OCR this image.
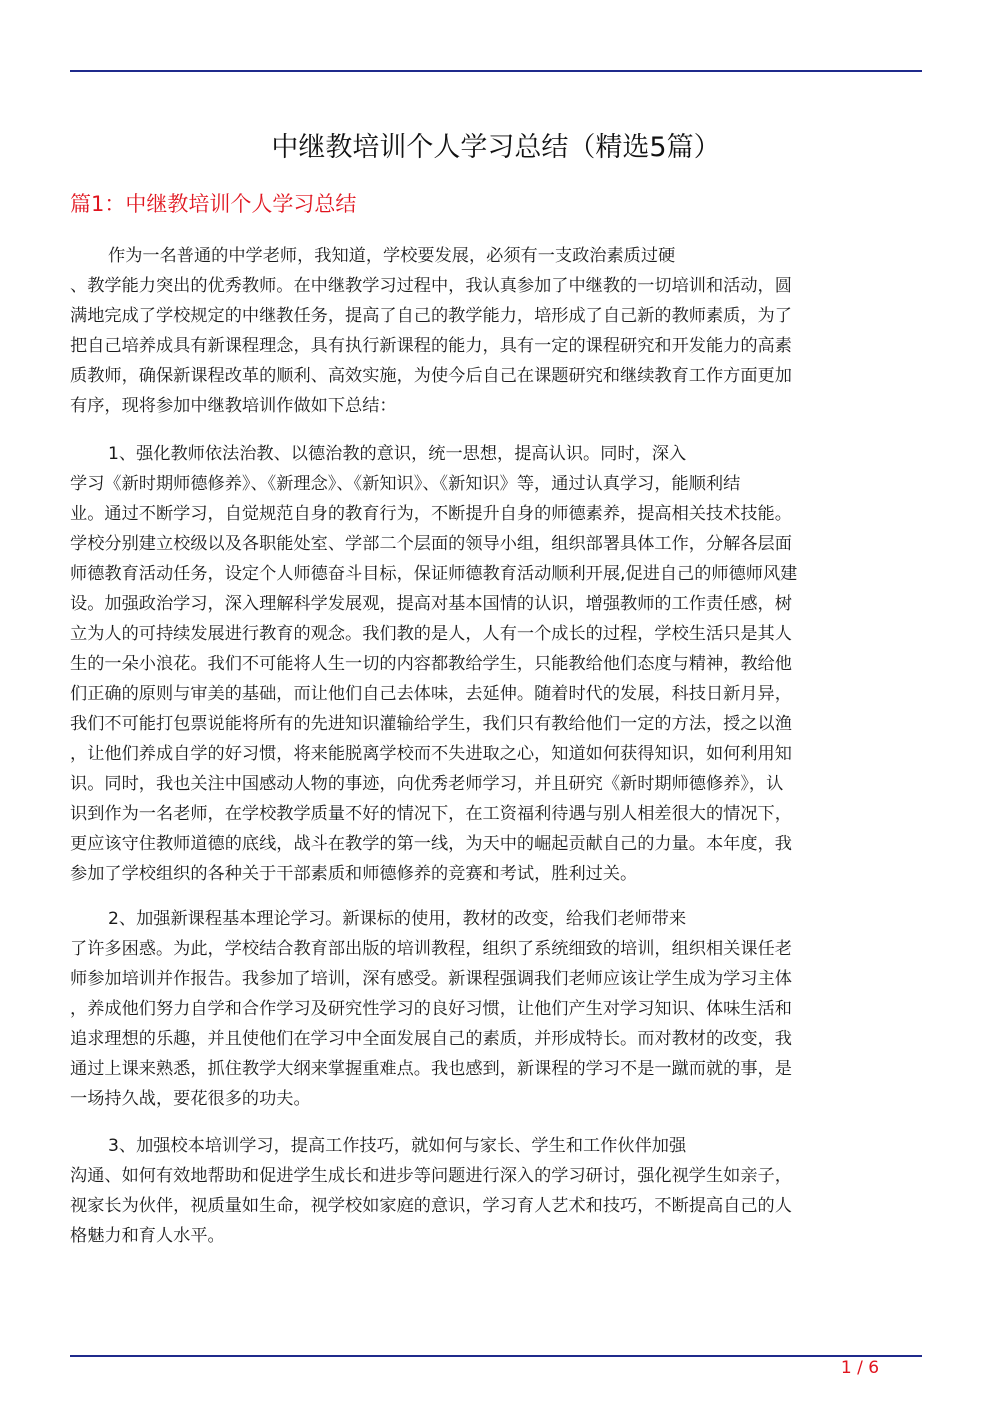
中继教培训个人学习总结（精选5篇）
篇1：中继教培训个人学习总结
作为一名普通的中学老师，我知道，学校要发展，必须有一支政治素质过硬
、教学能力突出的优秀教师。在中继教学习过程中，我认真参加了中继教的一切培训和活动，圆
满地完成了学校规定的中继教任务，提高了自己的教学能力，培形成了自己新的教师素质，为了
把自己培养成具有新课程理念，具有执行新课程的能力，具有一定的课程研究和开发能力的高素
质教师，确保新课程改革的顺利、高效实施，为使今后自己在课题研究和继续教育工作方面更加
有序，现将参加中继教培训作做如下总结：
1、强化教师依法治教、以德治教的意识，统一思想，提高认识。同时，深入
学习《新时期师德修养》、《新理念》、《新知识》、《新知识》等，通过认真学习，能顺利结
业。通过不断学习，自觉规范自身的教育行为，不断提升自身的师德素养，提高相关技术技能。
学校分别建立校级以及各职能处室、学部二个层面的领导小组，组织部署具体工作，分解各层面
师德教育活动任务，设定个人师德奋斗目标，保证师德教育活动顺利开展,促进自己的师德师风建
设。加强政治学习，深入理解科学发展观，提高对基本国情的认识，增强教师的工作责任感，树
立为人的可持续发展进行教育的观念。我们教的是人，人有一个成长的过程，学校生活只是其人
生的一朵小浪花。我们不可能将人生一切的内容都教给学生，只能教给他们态度与精神，教给他
们正确的原则与审美的基础，而让他们自己去体味，去延伸。随着时代的发展，科技日新月异，
我们不可能打包票说能将所有的先进知识灌输给学生，我们只有教给他们一定的方法，授之以渔
，让他们养成自学的好习惯，将来能脱离学校而不失进取之心，知道如何获得知识，如何利用知
识。同时，我也关注中国感动人物的事迹，向优秀老师学习，并且研究《新时期师德修养》，认
识到作为一名老师，在学校教学质量不好的情况下，在工资福利待遇与别人相差很大的情况下，
更应该守住教师道德的底线，战斗在教学的第一线，为天中的崛起贡献自己的力量。本年度，我
参加了学校组织的各种关于干部素质和师德修养的竞赛和考试，胜利过关。
2、加强新课程基本理论学习。新课标的使用，教材的改变，给我们老师带来
了许多困惑。为此，学校结合教育部出版的培训教程，组织了系统细致的培训，组织相关课任老
师参加培训并作报告。我参加了培训，深有感受。新课程强调我们老师应该让学生成为学习主体
，养成他们努力自学和合作学习及研究性学习的良好习惯，让他们产生对学习知识、体味生活和
追求理想的乐趣，并且使他们在学习中全面发展自己的素质，并形成特长。而对教材的改变，我
通过上课来熟悉，抓住教学大纲来掌握重难点。我也感到，新课程的学习不是一蹴而就的事，是
一场持久战，要花很多的功夫。
3、加强校本培训学习，提高工作技巧，就如何与家长、学生和工作伙伴加强
沟通、如何有效地帮助和促进学生成长和进步等问题进行深入的学习研讨，强化视学生如亲子，
视家长为伙伴，视质量如生命，视学校如家庭的意识，学习育人艺术和技巧，不断提高自己的人
格魅力和育人水平。
1 / 6
